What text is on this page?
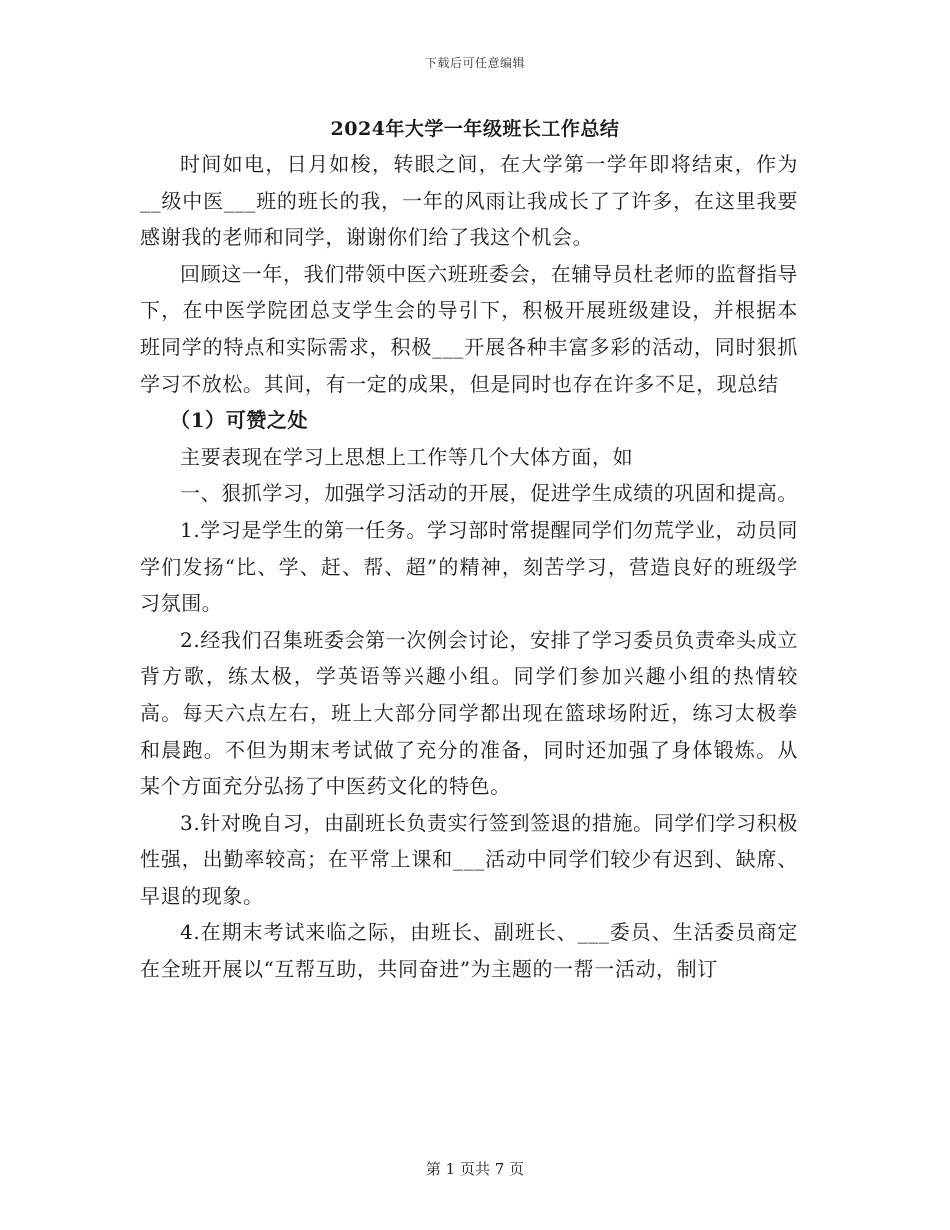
下载后可任意编辑
2024年大学一年级班长工作总结

时间如电，日月如梭，转眼之间，在大学第一学年即将结束，作为__级中医___班的班长的我，一年的风雨让我成长了了许多，在这里我要感谢我的老师和同学，谢谢你们给了我这个机会。

回顾这一年，我们带领中医六班班委会，在辅导员杜老师的监督指导下，在中医学院团总支学生会的导引下，积极开展班级建设，并根据本班同学的特点和实际需求，积极___开展各种丰富多彩的活动，同时狠抓学习不放松。其间，有一定的成果，但是同时也存在许多不足，现总结

（1）可赞之处

主要表现在学习上思想上工作等几个大体方面，如

一、狠抓学习，加强学习活动的开展，促进学生成绩的巩固和提高。

1.学习是学生的第一任务。学习部时常提醒同学们勿荒学业，动员同学们发扬“比、学、赶、帮、超”的精神，刻苦学习，营造良好的班级学习氛围。

2.经我们召集班委会第一次例会讨论，安排了学习委员负责牵头成立背方歌，练太极，学英语等兴趣小组。同学们参加兴趣小组的热情较高。每天六点左右，班上大部分同学都出现在篮球场附近，练习太极拳和晨跑。不但为期末考试做了充分的准备，同时还加强了身体锻炼。从某个方面充分弘扬了中医药文化的特色。

3.针对晚自习，由副班长负责实行签到签退的措施。同学们学习积极性强，出勤率较高；在平常上课和___活动中同学们较少有迟到、缺席、早退的现象。

4.在期末考试来临之际，由班长、副班长、___委员、生活委员商定在全班开展以“互帮互助，共同奋进”为主题的一帮一活动，制订

第 1 页共 7 页
